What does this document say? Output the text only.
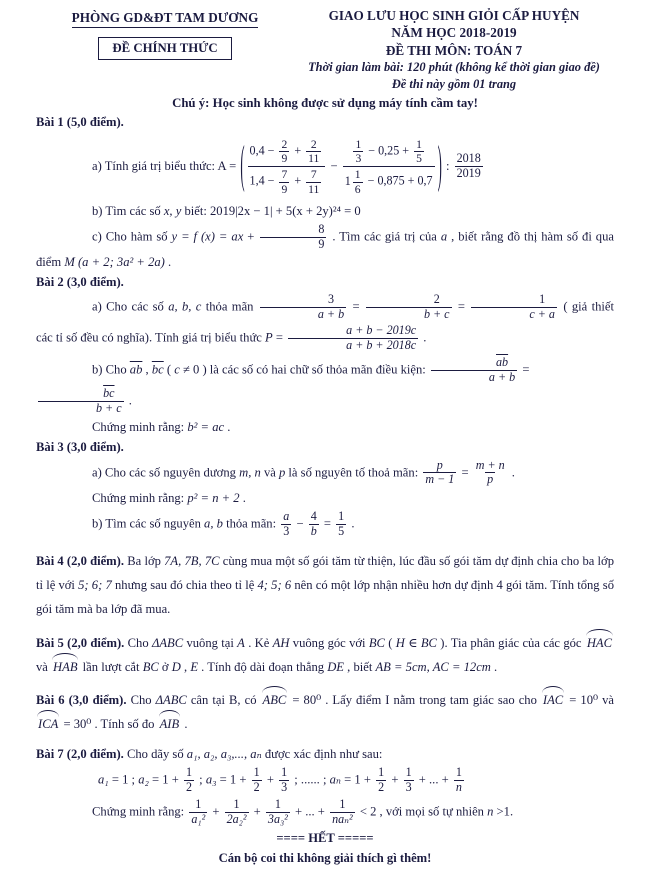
PHÒNG GD&ĐT TAM DƯƠNG
ĐỀ CHÍNH THỨC
GIAO LƯU HỌC SINH GIỎI CẤP HUYỆN
NĂM HỌC 2018-2019
ĐỀ THI MÔN: TOÁN 7
Thời gian làm bài: 120 phút (không kể thời gian giao đề)
Đề thi này gồm 01 trang
Chú ý: Học sinh không được sử dụng máy tính cầm tay!
Bài 1 (5,0 điểm).
a) Tính giá trị biểu thức: A = ( $\frac{0,4 - \frac{2}{9} + \frac{2}{11}}{1,4 - \frac{7}{9} + \frac{7}{11}} - \frac{\frac{1}{3} - 0,25 + \frac{1}{5}}{1 \frac{1}{6} - 0,875 + 0,7}$ ) : $\frac{2018}{2019}$
b) Tìm các số x, y biết: 2019|2x − 1| + 5(x + 2y)²⁴ = 0
c) Cho hàm số y = f (x) = ax + $\frac{8}{9}$ . Tìm các giá trị của a , biết rằng đồ thị hàm số đi qua điểm M (a + 2; 3a² + 2a) .
Bài 2 (3,0 điểm).
a) Cho các số a, b, c thỏa mãn $\frac{3}{a + b} = \frac{2}{b + c} = \frac{1}{c + a}$ ( giả thiết các tỉ số đều có nghĩa). Tính giá trị biểu thức $P = \frac{a + b - 2019c}{a + b + 2018c}$ .
b) Cho $\overline{ab}$ , $\overline{bc}$ ( c ≠ 0 ) là các số có hai chữ số thỏa mãn điều kiện: $\frac{\overline{ab}}{a + b}$ =
$\frac{\overline{bc}}{b + c}$ .
Chứng minh rằng: b² = ac .
Bài 3 (3,0 điểm).
a) Cho các số nguyên dương m, n và p là số nguyên tố thoả mãn: $\frac{p}{m - 1} = \frac{m + n}{p}$ .
Chứng minh rằng: p² = n + 2 .
b) Tìm các số nguyên a, b thỏa mãn: $\frac{a}{3} - \frac{4}{b} = \frac{1}{5}$ .
Bài 4 (2,0 điểm). Ba lớp 7A, 7B, 7C cùng mua một số gói tăm từ thiện, lúc đầu số gói tăm dự định chia cho ba lớp tỉ lệ với 5; 6; 7 nhưng sau đó chia theo tỉ lệ 4; 5; 6 nên có một lớp nhận nhiều hơn dự định 4 gói tăm. Tính tổng số gói tăm mà ba lớp đã mua.
Bài 5 (2,0 điểm). Cho ΔABC vuông tại A . Kẻ AH vuông góc với BC ( H ∈ BC ). Tia phân giác của các góc HAC và HAB lần lượt cắt BC ở D , E . Tính độ dài đoạn thẳng DE , biết AB = 5cm, AC = 12cm .
Bài 6 (3,0 điểm). Cho ΔABC cân tại B, có ABC = 80⁰ . Lấy điểm I nằm trong tam giác sao cho IAC = 10⁰ và ICA = 30⁰ . Tính số đo AIB .
Bài 7 (2,0 điểm). Cho dãy số a₁, a₂, a₃,..., aₙ được xác định như sau:
a₁ = 1 ; $a_2 = 1 + \frac{1}{2}$ ; $a_3 = 1 + \frac{1}{2} + \frac{1}{3}$ ; ...... ; $a_n = 1 + \frac{1}{2} + \frac{1}{3}$ + ... + $\frac{1}{n}$
Chứng minh rằng: $\frac{1}{\text{a₁²}} + \frac{1}{\text{2a₂²}} + \frac{1}{\text{3a₃²}}$ + ... + $\frac{1}{\text{naₙ²}} < 2$ , với mọi số tự nhiên n >1.
==== HẾT =====
Cán bộ coi thi không giải thích gì thêm!
